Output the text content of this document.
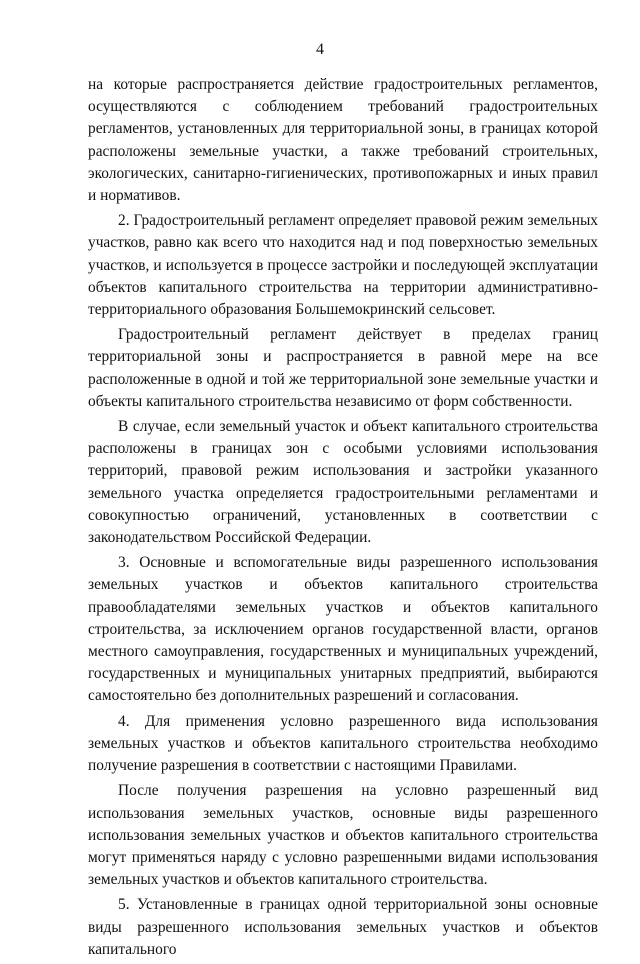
4

на которые распространяется действие градостроительных регламентов, осуществляются с соблюдением требований градостроительных регламентов, установленных для территориальной зоны, в границах которой расположены земельные участки, а также требований строительных, экологических, санитарно-гигиенических, противопожарных и иных правил и нормативов.

2. Градостроительный регламент определяет правовой режим земельных участков, равно как всего что находится над и под поверхностью земельных участков, и используется в процессе застройки и последующей эксплуатации объектов капитального строительства на территории административно-территориального образования Большемокринский сельсовет.

Градостроительный регламент действует в пределах границ территориальной зоны и распространяется в равной мере на все расположенные в одной и той же территориальной зоне земельные участки и объекты капитального строительства независимо от форм собственности.

В случае, если земельный участок и объект капитального строительства расположены в границах зон с особыми условиями использования территорий, правовой режим использования и застройки указанного земельного участка определяется градостроительными регламентами и совокупностью ограничений, установленных в соответствии с законодательством Российской Федерации.

3. Основные и вспомогательные виды разрешенного использования земельных участков и объектов капитального строительства правообладателями земельных участков и объектов капитального строительства, за исключением органов государственной власти, органов местного самоуправления, государственных и муниципальных учреждений, государственных и муниципальных унитарных предприятий, выбираются самостоятельно без дополнительных разрешений и согласования.

4. Для применения условно разрешенного вида использования земельных участков и объектов капитального строительства необходимо получение разрешения в соответствии с настоящими Правилами.

После получения разрешения на условно разрешенный вид использования земельных участков, основные виды разрешенного использования земельных участков и объектов капитального строительства могут применяться наряду с условно разрешенными видами использования земельных участков и объектов капитального строительства.

5. Установленные в границах одной территориальной зоны основные виды разрешенного использования земельных участков и объектов капитального
